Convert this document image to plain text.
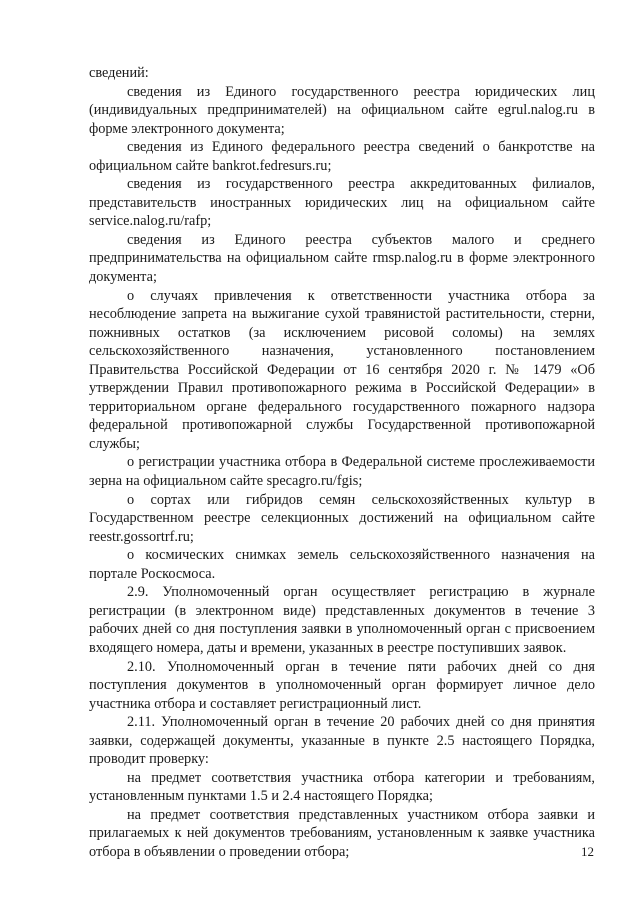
сведений:

сведения из Единого государственного реестра юридических лиц (индивидуальных предпринимателей) на официальном сайте egrul.nalog.ru в форме электронного документа;

сведения из Единого федерального реестра сведений о банкротстве на официальном сайте bankrot.fedresurs.ru;

сведения из государственного реестра аккредитованных филиалов, представительств иностранных юридических лиц на официальном сайте service.nalog.ru/rafp;

сведения из Единого реестра субъектов малого и среднего предпринимательства на официальном сайте rmsp.nalog.ru в форме электронного документа;

о случаях привлечения к ответственности участника отбора за несоблюдение запрета на выжигание сухой травянистой растительности, стерни, пожнивных остатков (за исключением рисовой соломы) на землях сельскохозяйственного назначения, установленного постановлением Правительства Российской Федерации от 16 сентября 2020 г. № 1479 «Об утверждении Правил противопожарного режима в Российской Федерации» в территориальном органе федерального государственного пожарного надзора федеральной противопожарной службы Государственной противопожарной службы;

о регистрации участника отбора в Федеральной системе прослеживаемости зерна на официальном сайте specagro.ru/fgis;

о сортах или гибридов семян сельскохозяйственных культур в Государственном реестре селекционных достижений на официальном сайте reestr.gossortrf.ru;

о космических снимках земель сельскохозяйственного назначения на портале Роскосмоса.

2.9. Уполномоченный орган осуществляет регистрацию в журнале регистрации (в электронном виде) представленных документов в течение 3 рабочих дней со дня поступления заявки в уполномоченный орган с присвоением входящего номера, даты и времени, указанных в реестре поступивших заявок.

2.10. Уполномоченный орган в течение пяти рабочих дней со дня поступления документов в уполномоченный орган формирует личное дело участника отбора и составляет регистрационный лист.

2.11. Уполномоченный орган в течение 20 рабочих дней со дня принятия заявки, содержащей документы, указанные в пункте 2.5 настоящего Порядка, проводит проверку:

на предмет соответствия участника отбора категории и требованиям, установленным пунктами 1.5 и 2.4 настоящего Порядка;

на предмет соответствия представленных участником отбора заявки и прилагаемых к ней документов требованиям, установленным к заявке участника отбора в объявлении о проведении отбора;	12
